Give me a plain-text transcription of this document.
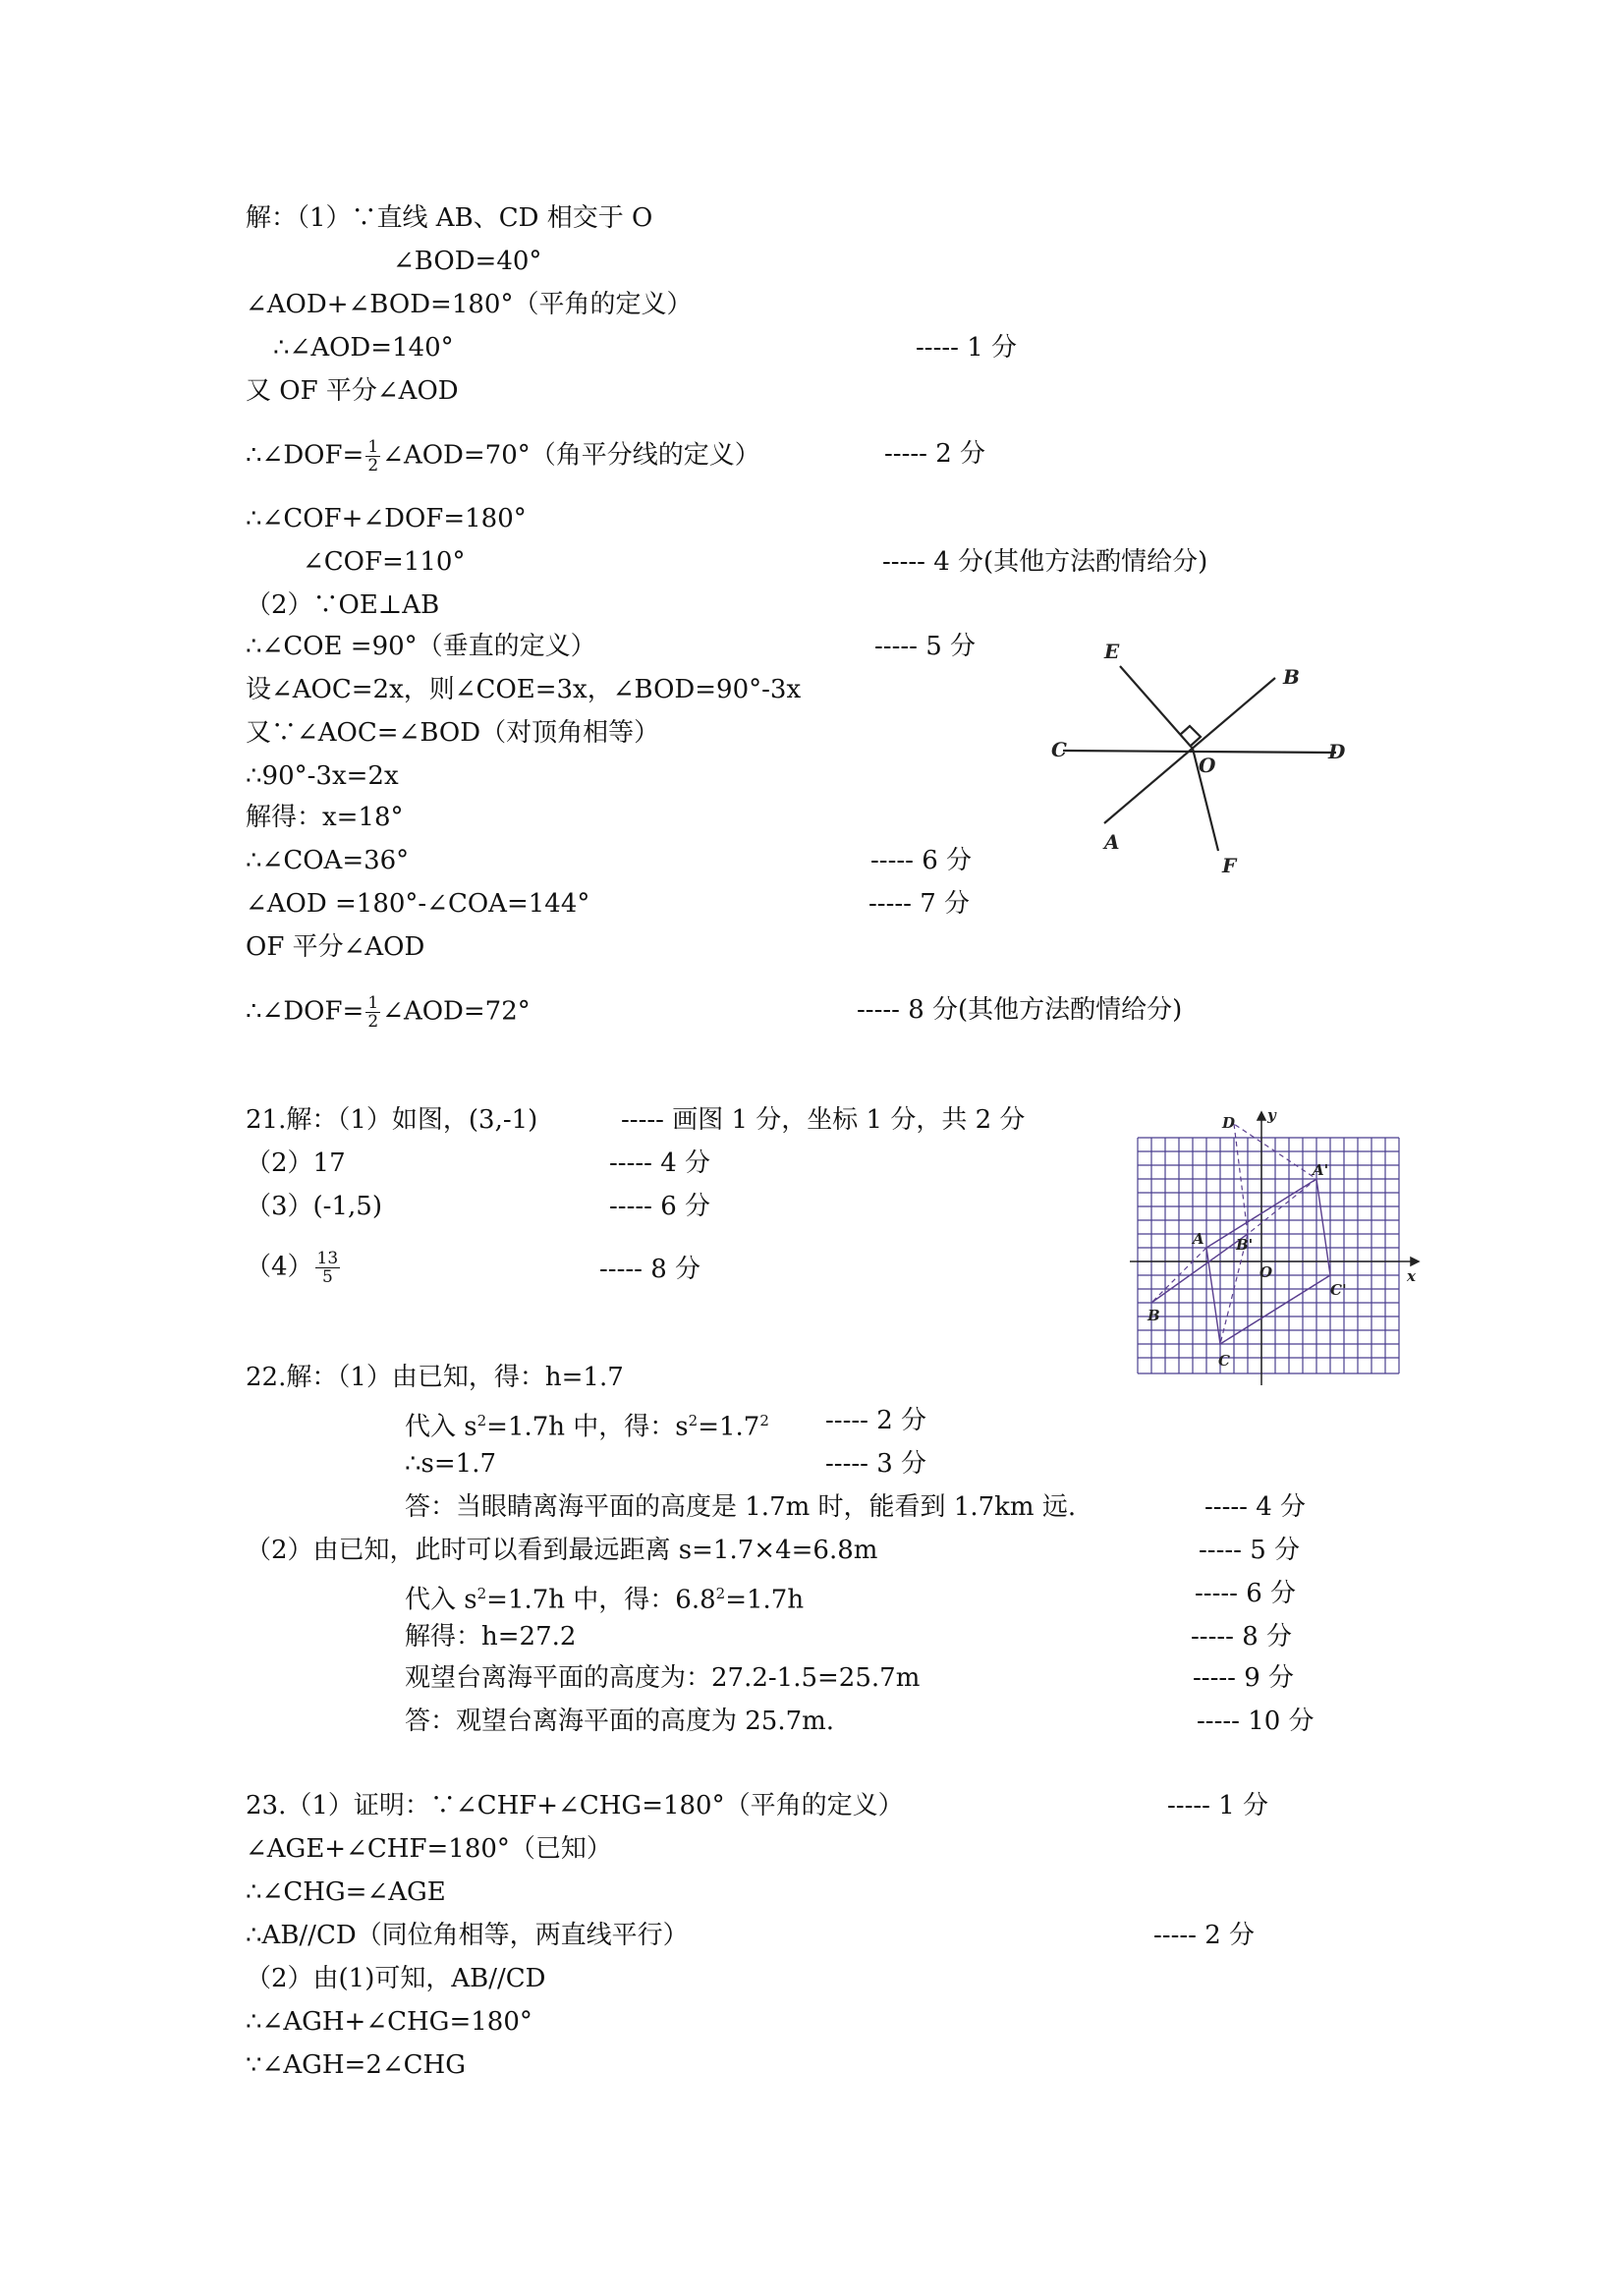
解：（1）∵直线 AB、CD 相交于 O
∠BOD=40°
∠AOD+∠BOD=180°（平角的定义）
∴∠AOD=140°	----- 1 分
又 OF 平分∠AOD
∴∠DOF= $\frac{1}{2}$ ∠AOD=70°（角平分线的定义）	----- 2 分
∴∠COF+∠DOF=180°
∠COF=110°	----- 4 分(其他方法酌情给分)
（2）∵OE⊥AB
∴∠COE =90°（垂直的定义）	----- 5 分
设∠AOC=2x，则∠COE=3x，∠BOD=90°-3x
又∵∠AOC=∠BOD（对顶角相等）
∴90°-3x=2x
解得：x=18°
∴∠COA=36°	----- 6 分
∠AOD =180°-∠COA=144°	----- 7 分
OF 平分∠AOD
∴∠DOF= $\frac{1}{2}$ ∠AOD=72°	----- 8 分(其他方法酌情给分)
E
B
C
O
D
A
F
21.解：（1）如图，(3,-1)	----- 画图 1 分，坐标 1 分，共 2 分
（2）17	----- 4 分
（3）(-1,5)	----- 6 分
$(4) \frac{13}{5}$	----- 8 分
D y
A'
A B'
O	x
C'
B
C
22.解：（1）由已知，得：h=1.7
代入 $s^2=1.7h$ 中，得：$s^2=1.7^2$ ----- 2 分
∴s=1.7	----- 3 分
答：当眼睛离海平面的高度是 1.7m 时，能看到 1.7km 远.	----- 4 分
（2）由已知，此时可以看到最远距离 s=1.7×4=6.8m	----- 5 分
代入 $s^2=1.7h$ 中，得：$6.8^2=1.7h$	----- 6 分
解得：h=27.2	----- 8 分
观望台离海平面的高度为：27.2-1.5=25.7m	----- 9 分
答：观望台离海平面的高度为 25.7m.	----- 10 分
23.（1）证明：∵∠CHF+∠CHG=180°（平角的定义）	----- 1 分
∠AGE+∠CHF=180°（已知）
∴∠CHG=∠AGE
∴AB//CD（同位角相等，两直线平行）	----- 2 分
（2）由(1)可知，AB//CD
∴∠AGH+∠CHG=180°
∵∠AGH=2∠CHG
